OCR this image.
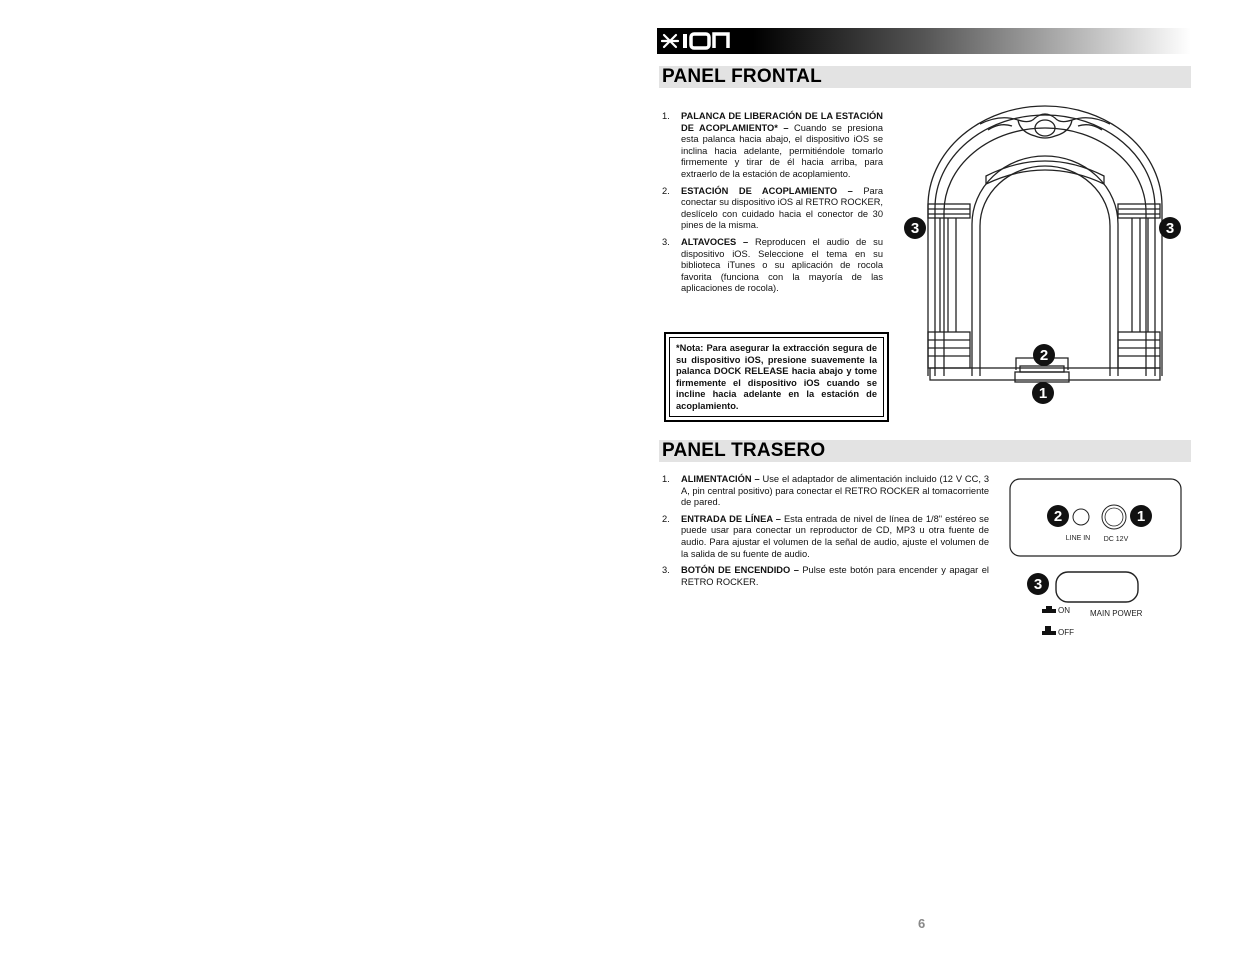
PANEL FRONTAL
1. PALANCA DE LIBERACIÓN DE LA ESTACIÓN DE ACOPLAMIENTO* – Cuando se presiona esta palanca hacia abajo, el dispositivo iOS se inclina hacia adelante, permitiéndole tomarlo firmemente y tirar de él hacia arriba, para extraerlo de la estación de acoplamiento.
2. ESTACIÓN DE ACOPLAMIENTO – Para conectar su dispositivo iOS al RETRO ROCKER, deslícelo con cuidado hacia el conector de 30 pines de la misma.
3. ALTAVOCES – Reproducen el audio de su dispositivo iOS. Seleccione el tema en su biblioteca iTunes o su aplicación de rocola favorita (funciona con la mayoría de las aplicaciones de rocola).
*Nota: Para asegurar la extracción segura de su dispositivo iOS, presione suavemente la palanca DOCK RELEASE hacia abajo y tome firmemente el dispositivo iOS cuando se incline hacia adelante en la estación de acoplamiento.
3	3
2
1
PANEL TRASERO
1. ALIMENTACIÓN – Use el adaptador de alimentación incluido (12 V CC, 3 A, pin central positivo) para conectar el RETRO ROCKER al tomacorriente de pared.
2. ENTRADA DE LÍNEA – Esta entrada de nivel de línea de 1/8" estéreo se puede usar para conectar un reproductor de CD, MP3 u otra fuente de audio. Para ajustar el volumen de la señal de audio, ajuste el volumen de la salida de su fuente de audio.
3. BOTÓN DE ENCENDIDO – Pulse este botón para encender y apagar el RETRO ROCKER.
LINE IN DC 12V
2	1
3
ON	MAIN POWER
OFF
6
